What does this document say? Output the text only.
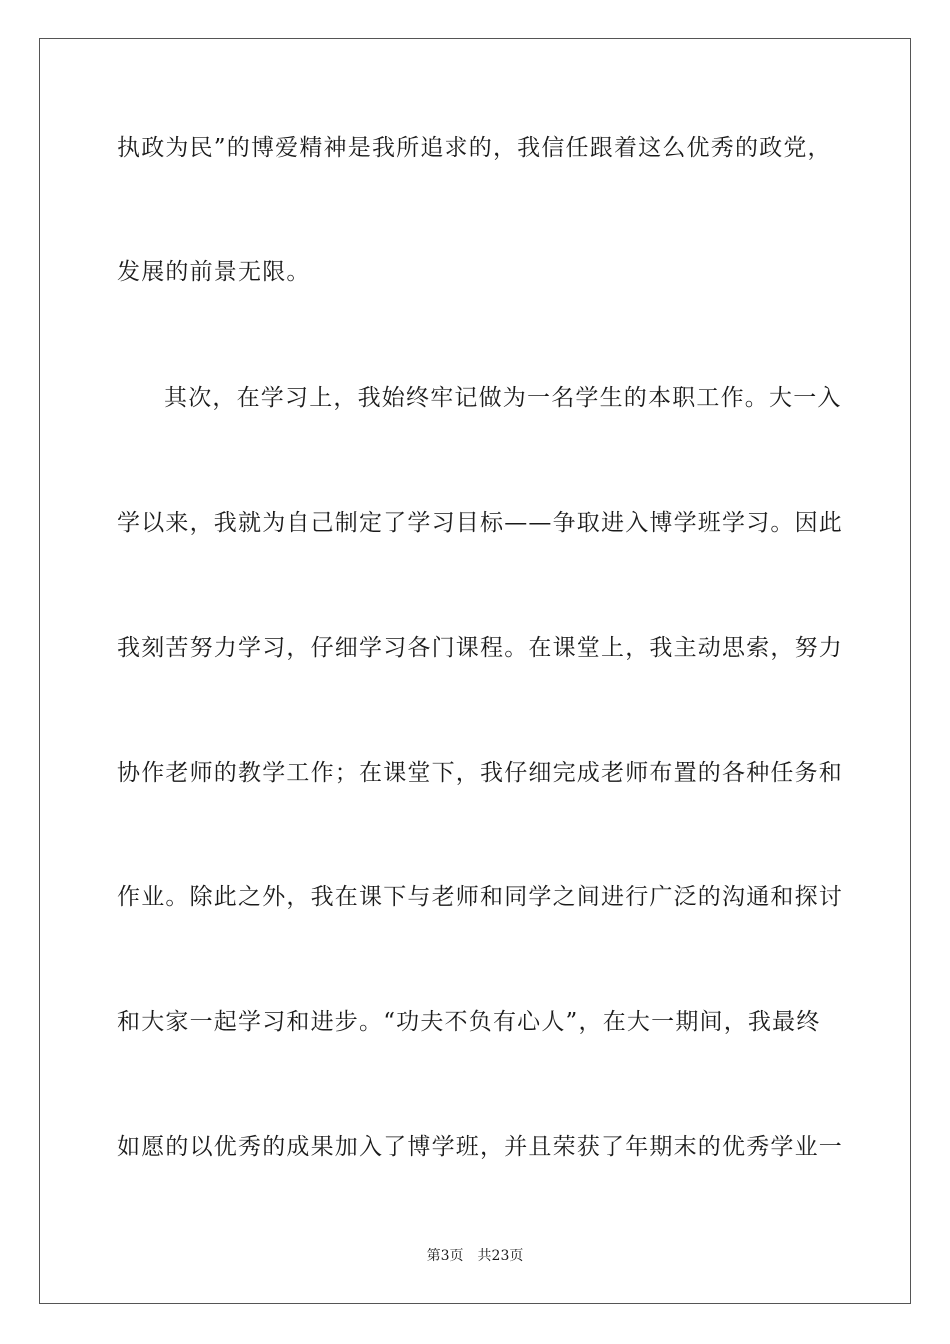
执政为民”的博爱精神是我所追求的，我信任跟着这么优秀的政党，
发展的前景无限。
其次，在学习上，我始终牢记做为一名学生的本职工作。大一入
学以来，我就为自己制定了学习目标——争取进入博学班学习。因此
我刻苦努力学习，仔细学习各门课程。在课堂上，我主动思索，努力
协作老师的教学工作；在课堂下，我仔细完成老师布置的各种任务和
作业。除此之外，我在课下与老师和同学之间进行广泛的沟通和探讨
和大家一起学习和进步。“功夫不负有心人”，在大一期间，我最终
如愿的以优秀的成果加入了博学班，并且荣获了年期末的优秀学业一
第3页 共23页
